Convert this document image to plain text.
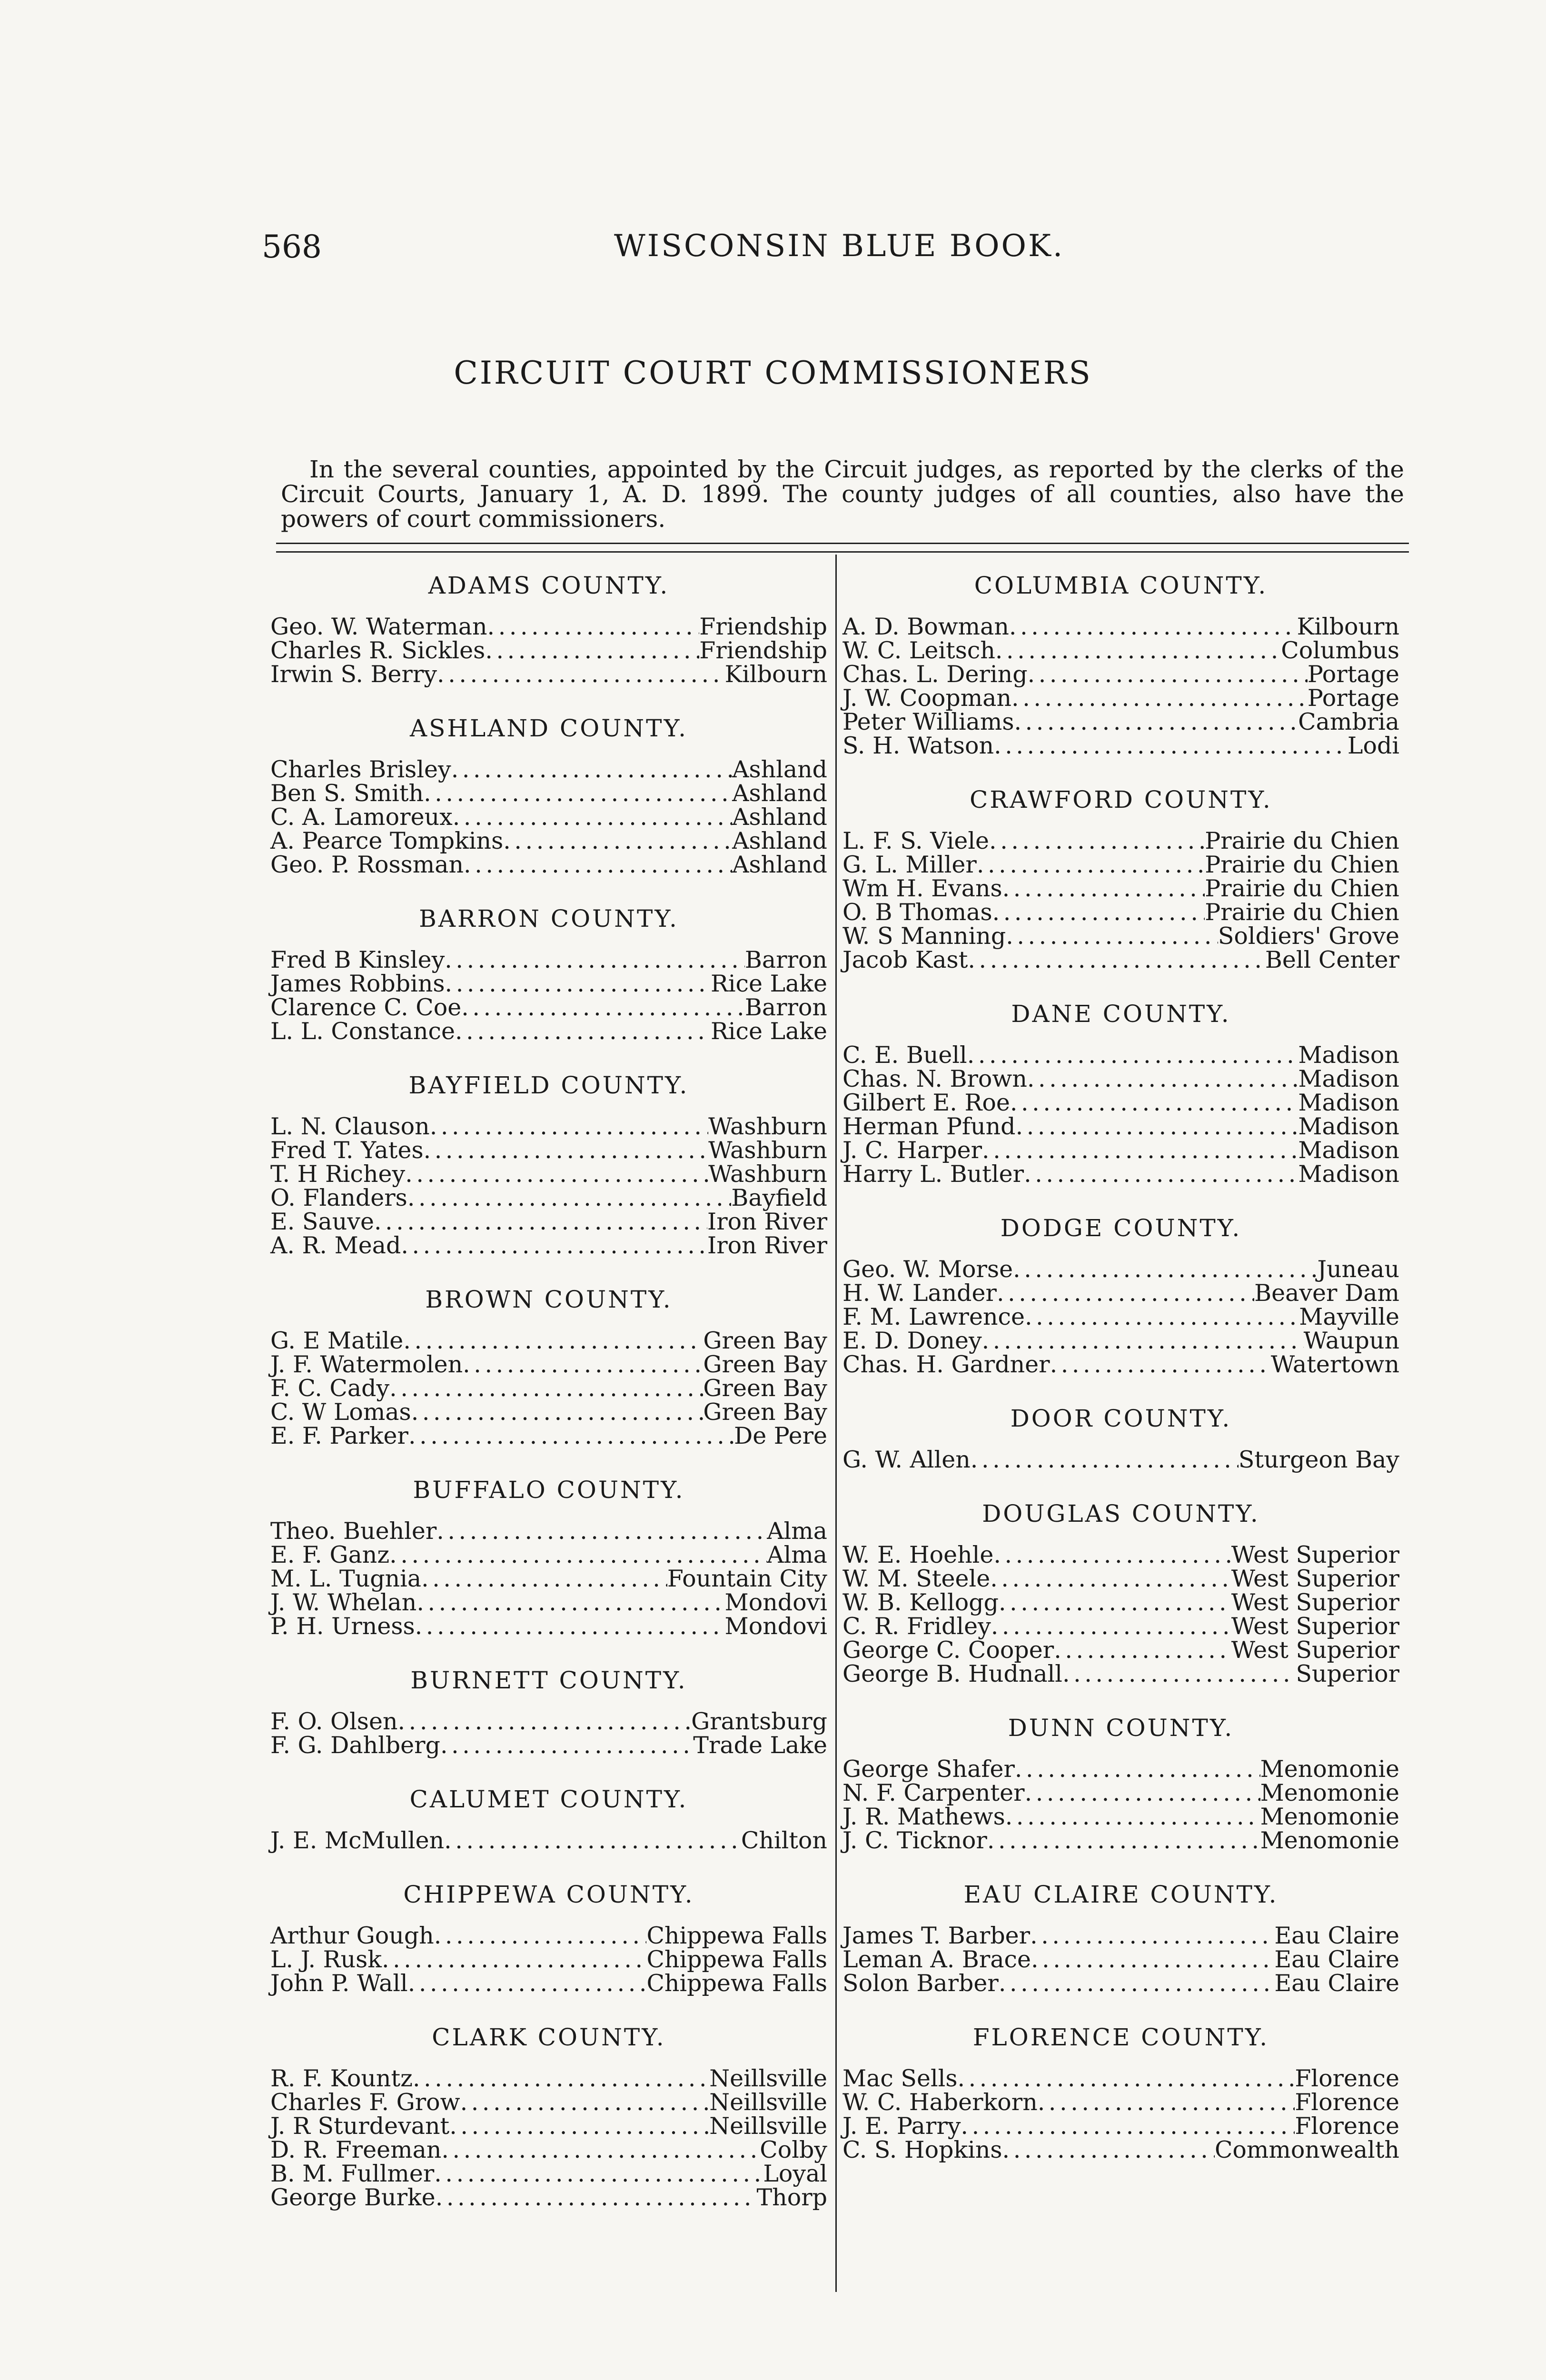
568	WISCONSIN BLUE BOOK.
CIRCUIT COURT COMMISSIONERS

In the several counties, appointed by the Circuit judges, as reported by the clerks of the Circuit Courts, January 1, A. D. 1899. The county judges of all counties, also have the powers of court commissioners.

ADAMS COUNTY.
Geo. W. Waterman . . .	Friendship
Charles R. Sickles . . .	Friendship
Irwin S. Berry . . .	Kilbourn
ASHLAND COUNTY.
Charles Brisley . . .	Ashland
Ben S. Smith . . .	Ashland
C. A. Lamoreux . . .	Ashland
A. Pearce Tompkins . . .	Ashland
Geo. P. Rossman . . .	Ashland
BARRON COUNTY.
Fred B Kinsley . . .	Barron
James Robbins . . .	Rice Lake
Clarence C. Coe . . .	Barron
L. L. Constance . . .	Rice Lake
BAYFIELD COUNTY.
L. N. Clauson . . .	Washburn
Fred T. Yates . . .	Washburn
T. H Richey . . .	Washburn
O. Flanders . . .	Bayfield
E. Sauve . . .	Iron River
A. R. Mead . . .	Iron River
BROWN COUNTY.
G. E Matile . . .	Green Bay
J. F. Watermolen . . .	Green Bay
F. C. Cady . . .	Green Bay
C. W Lomas . . .	Green Bay
E. F. Parker . . .	De Pere
BUFFALO COUNTY.
Theo. Buehler . . .	Alma
E. F. Ganz . . .	Alma
M. L. Tugnia . . .	Fountain City
J. W. Whelan . . .	Mondovi
P. H. Urness . . .	Mondovi
BURNETT COUNTY.
F. O. Olsen . . .	Grantsburg
F. G. Dahlberg . . .	Trade Lake
CALUMET COUNTY.
J. E. McMullen . . .	Chilton
CHIPPEWA COUNTY.
Arthur Gough . . .	Chippewa Falls
L. J. Rusk . . .	Chippewa Falls
John P. Wall . . .	Chippewa Falls
CLARK COUNTY.
R. F. Kountz . . .	Neillsville
Charles F. Grow . . .	Neillsville
J. R Sturdevant . . .	Neillsville
D. R. Freeman . . .	Colby
B. M. Fullmer . . .	Loyal
George Burke . . .	Thorp
COLUMBIA COUNTY.
A. D. Bowman . . .	Kilbourn
W. C. Leitsch . . .	Columbus
Chas. L. Dering . . .	Portage
J. W. Coopman . . .	Portage
Peter Williams . . .	Cambria
S. H. Watson . . .	Lodi
CRAWFORD COUNTY.
L. F. S. Viele . . .	Prairie du Chien
G. L. Miller . . .	Prairie du Chien
Wm H. Evans . . .	Prairie du Chien
O. B Thomas . . .	Prairie du Chien
W. S Manning . . .	Soldiers' Grove
Jacob Kast . . .	Bell Center
DANE COUNTY.
C. E. Buell . . .	Madison
Chas. N. Brown . . .	Madison
Gilbert E. Roe . . .	Madison
Herman Pfund . . .	Madison
J. C. Harper . . .	Madison
Harry L. Butler . . .	Madison
DODGE COUNTY.
Geo. W. Morse . . .	Juneau
H. W. Lander . . .	Beaver Dam
F. M. Lawrence . . .	Mayville
E. D. Doney . . .	Waupun
Chas. H. Gardner . . .	Watertown
DOOR COUNTY.
G. W. Allen . . .	Sturgeon Bay
DOUGLAS COUNTY.
W. E. Hoehle . . .	West Superior
W. M. Steele . . .	West Superior
W. B. Kellogg . . .	West Superior
C. R. Fridley . . .	West Superior
George C. Cooper . . .	West Superior
George B. Hudnall . . .	Superior
DUNN COUNTY.
George Shafer . . .	Menomonie
N. F. Carpenter . . .	Menomonie
J. R. Mathews . . .	Menomonie
J. C. Ticknor . . .	Menomonie
EAU CLAIRE COUNTY.
James T. Barber . . .	Eau Claire
Leman A. Brace . . .	Eau Claire
Solon Barber . . .	Eau Claire
FLORENCE COUNTY.
Mac Sells . . .	Florence
W. C. Haberkorn . . .	Florence
J. E. Parry . . .	Florence
C. S. Hopkins . . .	Commonwealth
